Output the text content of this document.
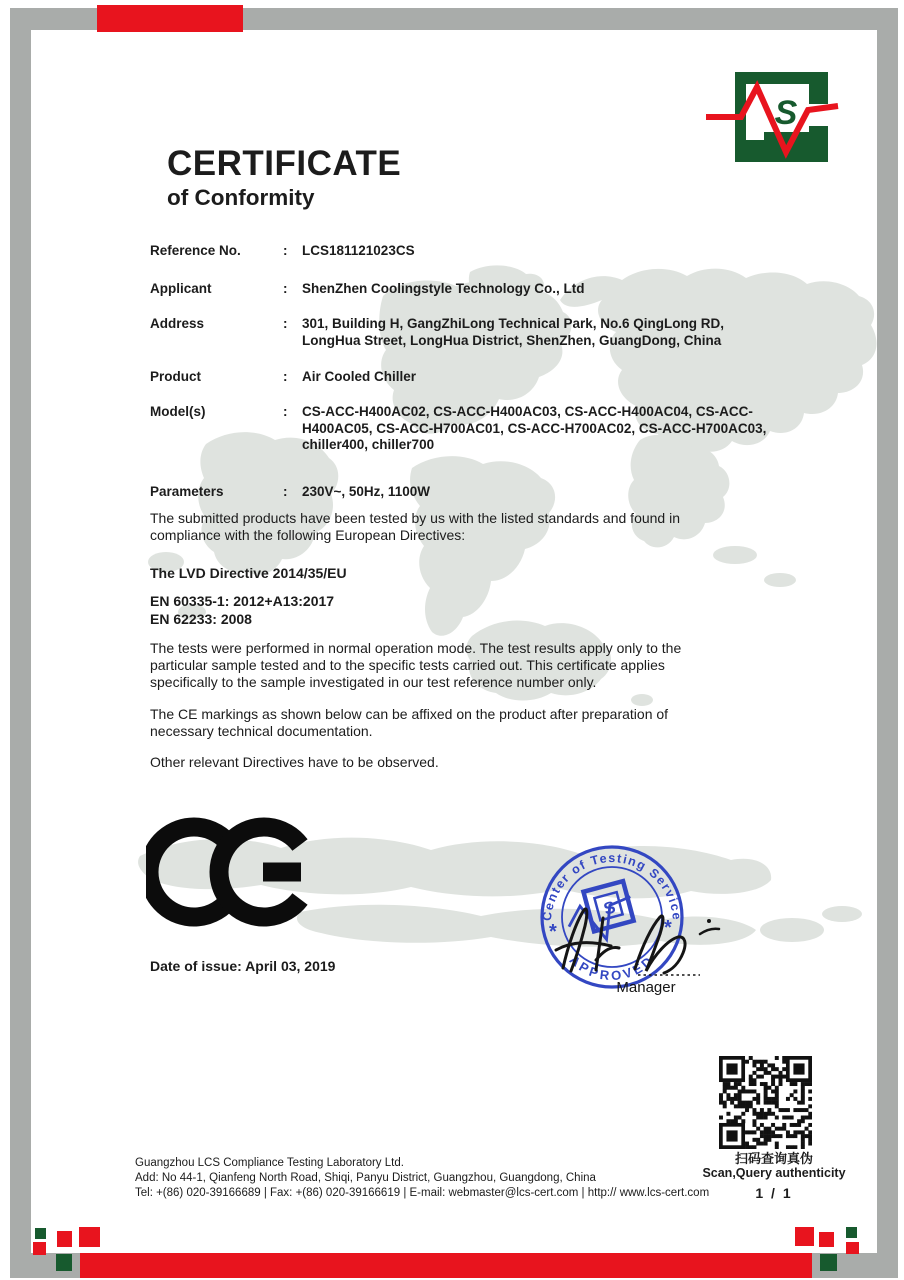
S
CERTIFICATE
of Conformity
Reference No.	:	LCS181121023CS
Applicant	:	ShenZhen Coolingstyle Technology Co., Ltd
Address	:	301, Building H, GangZhiLong Technical Park, No.6 QingLong RD, LongHua Street, LongHua District, ShenZhen, GuangDong, China
Product	:	Air Cooled Chiller
Model(s)	:	CS-ACC-H400AC02, CS-ACC-H400AC03, CS-ACC-H400AC04, CS-ACC-H400AC05, CS-ACC-H700AC01, CS-ACC-H700AC02, CS-ACC-H700AC03, chiller400, chiller700
Parameters	:	230V~, 50Hz, 1100W
The submitted products have been tested by us with the listed standards and found in compliance with the following European Directives:
The LVD Directive 2014/35/EU
EN 60335-1: 2012+A13:2017
EN 62233: 2008
The tests were performed in normal operation mode. The test results apply only to the particular sample tested and to the specific tests carried out. This certificate applies specifically to the sample investigated in our test reference number only.
The CE markings as shown below can be affixed on the product after preparation of necessary technical documentation.
Other relevant Directives have to be observed.
Date of issue: April 03, 2019
Guangzhou LCS Compliance Testing Laboratory Ltd.
Add: No 44-1, Qianfeng North Road, Shiqi, Panyu District, Guangzhou, Guangdong, China
Tel: +(86) 020-39166689 | Fax: +(86) 020-39166619 | E-mail: webmaster@lcs-cert.com | http:// www.lcs-cert.com
扫码查询真伪
Scan,Query authenticity
1 / 1
Center of Testing Service
APPROVED
*	*
S
Manager
